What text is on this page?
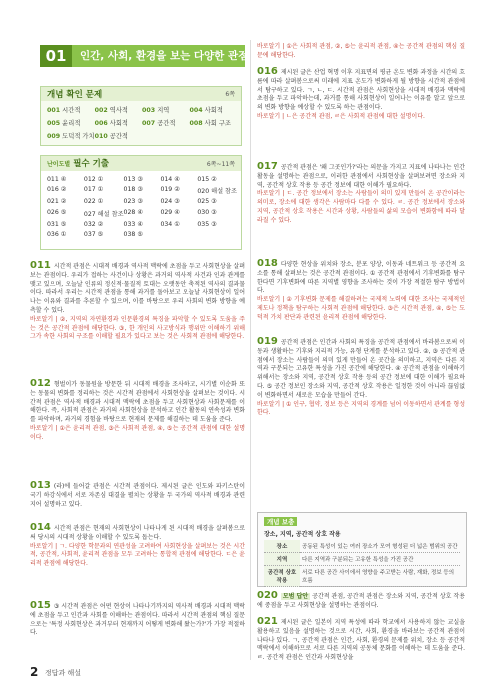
01	인간, 사회, 환경을 보는 다양한 관점
개념 확인 문제	6쪽
001 시간적	002 역사적	003 지역	004 사회적
005 윤리적	006 사회적	007 공간적	008 사회 구조
009 도덕적 가치 010 공간적
난이도별 필수 기출	6쪽~11쪽
011 ④	012 ①	013 ③	014 ④	015 ②
016 ②	017 ①	018 ③	019 ②	020 해설 참조
021 ②	022 ①	023 ③	024 ③	025 ③
026 ⑤	027 해설 참조 028 ④	029 ④	030 ③
031 ⑤	032 ②	033 ④	034 ①	035 ③
036 ①	037 ⑤	038 ⑤
011 시간적 관점은 시대적 배경과 역사적 맥락에 초점을 두고 사회현상을 살펴보는 관점이다. 우리가 접하는 사건이나 상황은 과거의 역사적 사건과 인과 관계를 맺고 있으며, 오늘날 인류의 정신적·물질적 토대는 오랫동안 축적된 역사의 결과물이다. 따라서 우리는 시간적 관점을 통해 과거를 돌아보고 오늘날 사회현상이 일어나는 이유와 결과를 추론할 수 있으며, 이를 바탕으로 우리 사회의 변화 방향을 예측할 수 있다.
바로알기 | ②, 지역의 자연환경과 인문환경의 특징을 파악할 수 있도록 도움을 주는 것은 공간적 관점에 해당한다. ③, 한 개인의 사고방식과 행위만 이해하기 위해 그가 속한 사회의 구조를 이해할 필요가 있다고 보는 것은 사회적 관점에 해당한다.
012 형벌이가 동물원을 방문한 뒤 시대적 배경을 조사하고, 시기별 이순화 또는 동물의 변화를 정리하는 것은 시간적 관점에서 사회현상을 살펴보는 것이다. 시간적 관점은 역사적 배경과 시대적 맥락에 초점을 두고 사회현상과 사회문제를 이해한다. 즉, 사회적 관점은 과거의 사회현상을 분석하고 인간 활동의 연속성과 변화를 파악하며, 과거의 경험을 바탕으로 현재의 문제를 해결하는 데 도움을 준다.
바로알기 | ①은 윤리적 관점, ③은 사회적 관점, ④, ⑤는 공간적 관점에 대한 설명이다.
013 (라)에 들어갈 관점은 시간적 관점이다. 제시된 글은 인도와 파키스탄이 국기 하강식에서 서로 자존심 대결을 펼치는 상황을 두 국가의 역사적 배경과 관련지어 설명하고 있다.
014 시간적 관점은 현재의 사회현상이 나타나게 된 시대적 배경을 살펴봄으로써 당시의 시대적 상황을 이해할 수 있도록 돕는다.
바로알기 | ㄱ. 다양한 학문과의 연관성을 고려하여 사회현상을 살펴보는 것은 시간적, 공간적, 사회적, 윤리적 관점을 모두 고려하는 통합적 관점에 해당한다. ㄷ은 윤리적 관점에 해당한다.
015 ③ 시간적 관점은 어떤 현상이 나타나기까지의 역사적 배경과 시대적 맥락에 초점을 두고 인간과 사회를 이해하는 관점이다. 따라서 시간적 관점의 핵심 질문으로는 '특정 사회현상은 과거부터 현재까지 어떻게 변화해 왔는가?'가 가장 적절하다.
바로알기 | ①은 사회적 관점, ②, ⑤는 윤리적 관점, ④는 공간적 관점의 핵심 질문에 해당한다.
016 제시된 글은 산업 혁명 이후 지표면의 평균 온도 변화 과정을 시간의 흐름에 따라 살펴봄으로써 미래에 지표 온도가 변화하게 될 방향을 시간적 관점에서 탐구하고 있다. ㄱ, ㄴ, ㄷ. 시간적 관점은 사회현상을 시대적 배경과 맥락에 초점을 두고 파악하는데, 과거를 통해 사회현상이 일어나는 이유를 알고 앞으로의 변화 방향을 예상할 수 있도록 하는 관점이다.
바로알기 | ㄴ은 공간적 관점, ㄹ은 사회적 관점에 대한 설명이다.
017 공간적 관점은 '왜 그곳인가?'라는 의문을 가지고 지표에 나타나는 인간 활동을 설명하는 관점으로, 이러한 관점에서 사회현상을 살펴보려면 장소와 지역, 공간적 상호 작용 등 공간 정보에 대한 이해가 필요하다.
바로알기 | ㄷ. 공간 정보에서 장소는 사람들이 의미 있게 만들어 온 공간이라는 의미로, 장소에 대한 생각은 사람마다 다를 수 있다. ㄹ. 공간 정보에서 장소와 지역, 공간적 상호 작용은 시간과 상황, 사람들의 삶의 모습이 변화함에 따라 달라질 수 있다.
018 다양한 현상을 위치와 장소, 분포 양상, 이동과 네트워크 등 공간적 요소를 통해 살펴보는 것은 공간적 관점이다. ① 공간적 관점에서 기후변화를 탐구한다면 기후변화에 따른 지역별 영향을 조사하는 것이 가장 적절한 탐구 방법이다.
바로알기 | ② 기후변화 문제를 해결하려는 국제적 노력에 대한 조사는 국제적인 제도나 정책을 탐구하는 사회적 관점에 해당한다. ③은 시간적 관점, ④, ⑤는 도덕적 가치 판단과 관련된 윤리적 관점에 해당한다.
019 공간적 관점은 인간과 사회의 특징을 공간적 관점에서 바라봄으로써 이동과 생활하는 기후와 지리적 가능, 유형 단계를 분석하고 있다. ②, ③ 공간적 관점에서 장소는 사람들이 의미 있게 만들어 온 곳간을 의미하고, 지역은 다른 지역과 구분되는 고유한 특성을 가진 공간에 해당한다. ④ 공간적 관점을 이해하기 위해서는 장소와 지역, 공간적 상호 작용 등의 공간 정보에 대한 이해가 필요하다. ⑤ 공간 정보인 장소와 지역, 공간적 상호 작용은 일정한 것이 아니라 끊임없이 변화하면서 새로운 모습을 만들어 간다.
바로알기 | ① 인구, 협약, 정보 등은 지역의 경계를 넘어 이동하면서 관계를 형성한다.
개념 보충
장소, 지역, 공간적 상호 작용
장소	공동된 특성이 있는 여러 장소가 모여 형성된 더 넓은 범위의 공간
지역	다른 지역과 구분되는 고유한 특성을 가진 공간
공간적 상호 작용	서로 다른 공간 사이에서 영향을 주고받는 사람, 재화, 정보 등의 흐름
020 모범 답안 공간적 관점, 공간적 관점은 장소와 지역, 공간적 상호 작용에 중점을 두고 사회현상을 설명하는 관점이다.
021 제시된 글은 일본이 지역 특성에 따라 학교에서 사용하지 않는 교실을 활용하고 있음을 설명하는 것으로 시간, 사회, 환경을 바라보는 공간적 관점이 나타나 있다. ㄱ, 공간적 관점은 인간, 사회, 환경의 문제를 위치, 장소 등 공간적 맥락에서 이해하므로 서로 다른 지역의 공동체 문화를 이해하는 데 도움을 준다. ㄹ. 공간적 관점은 인간과 사회현상을
2 정답과 해설
